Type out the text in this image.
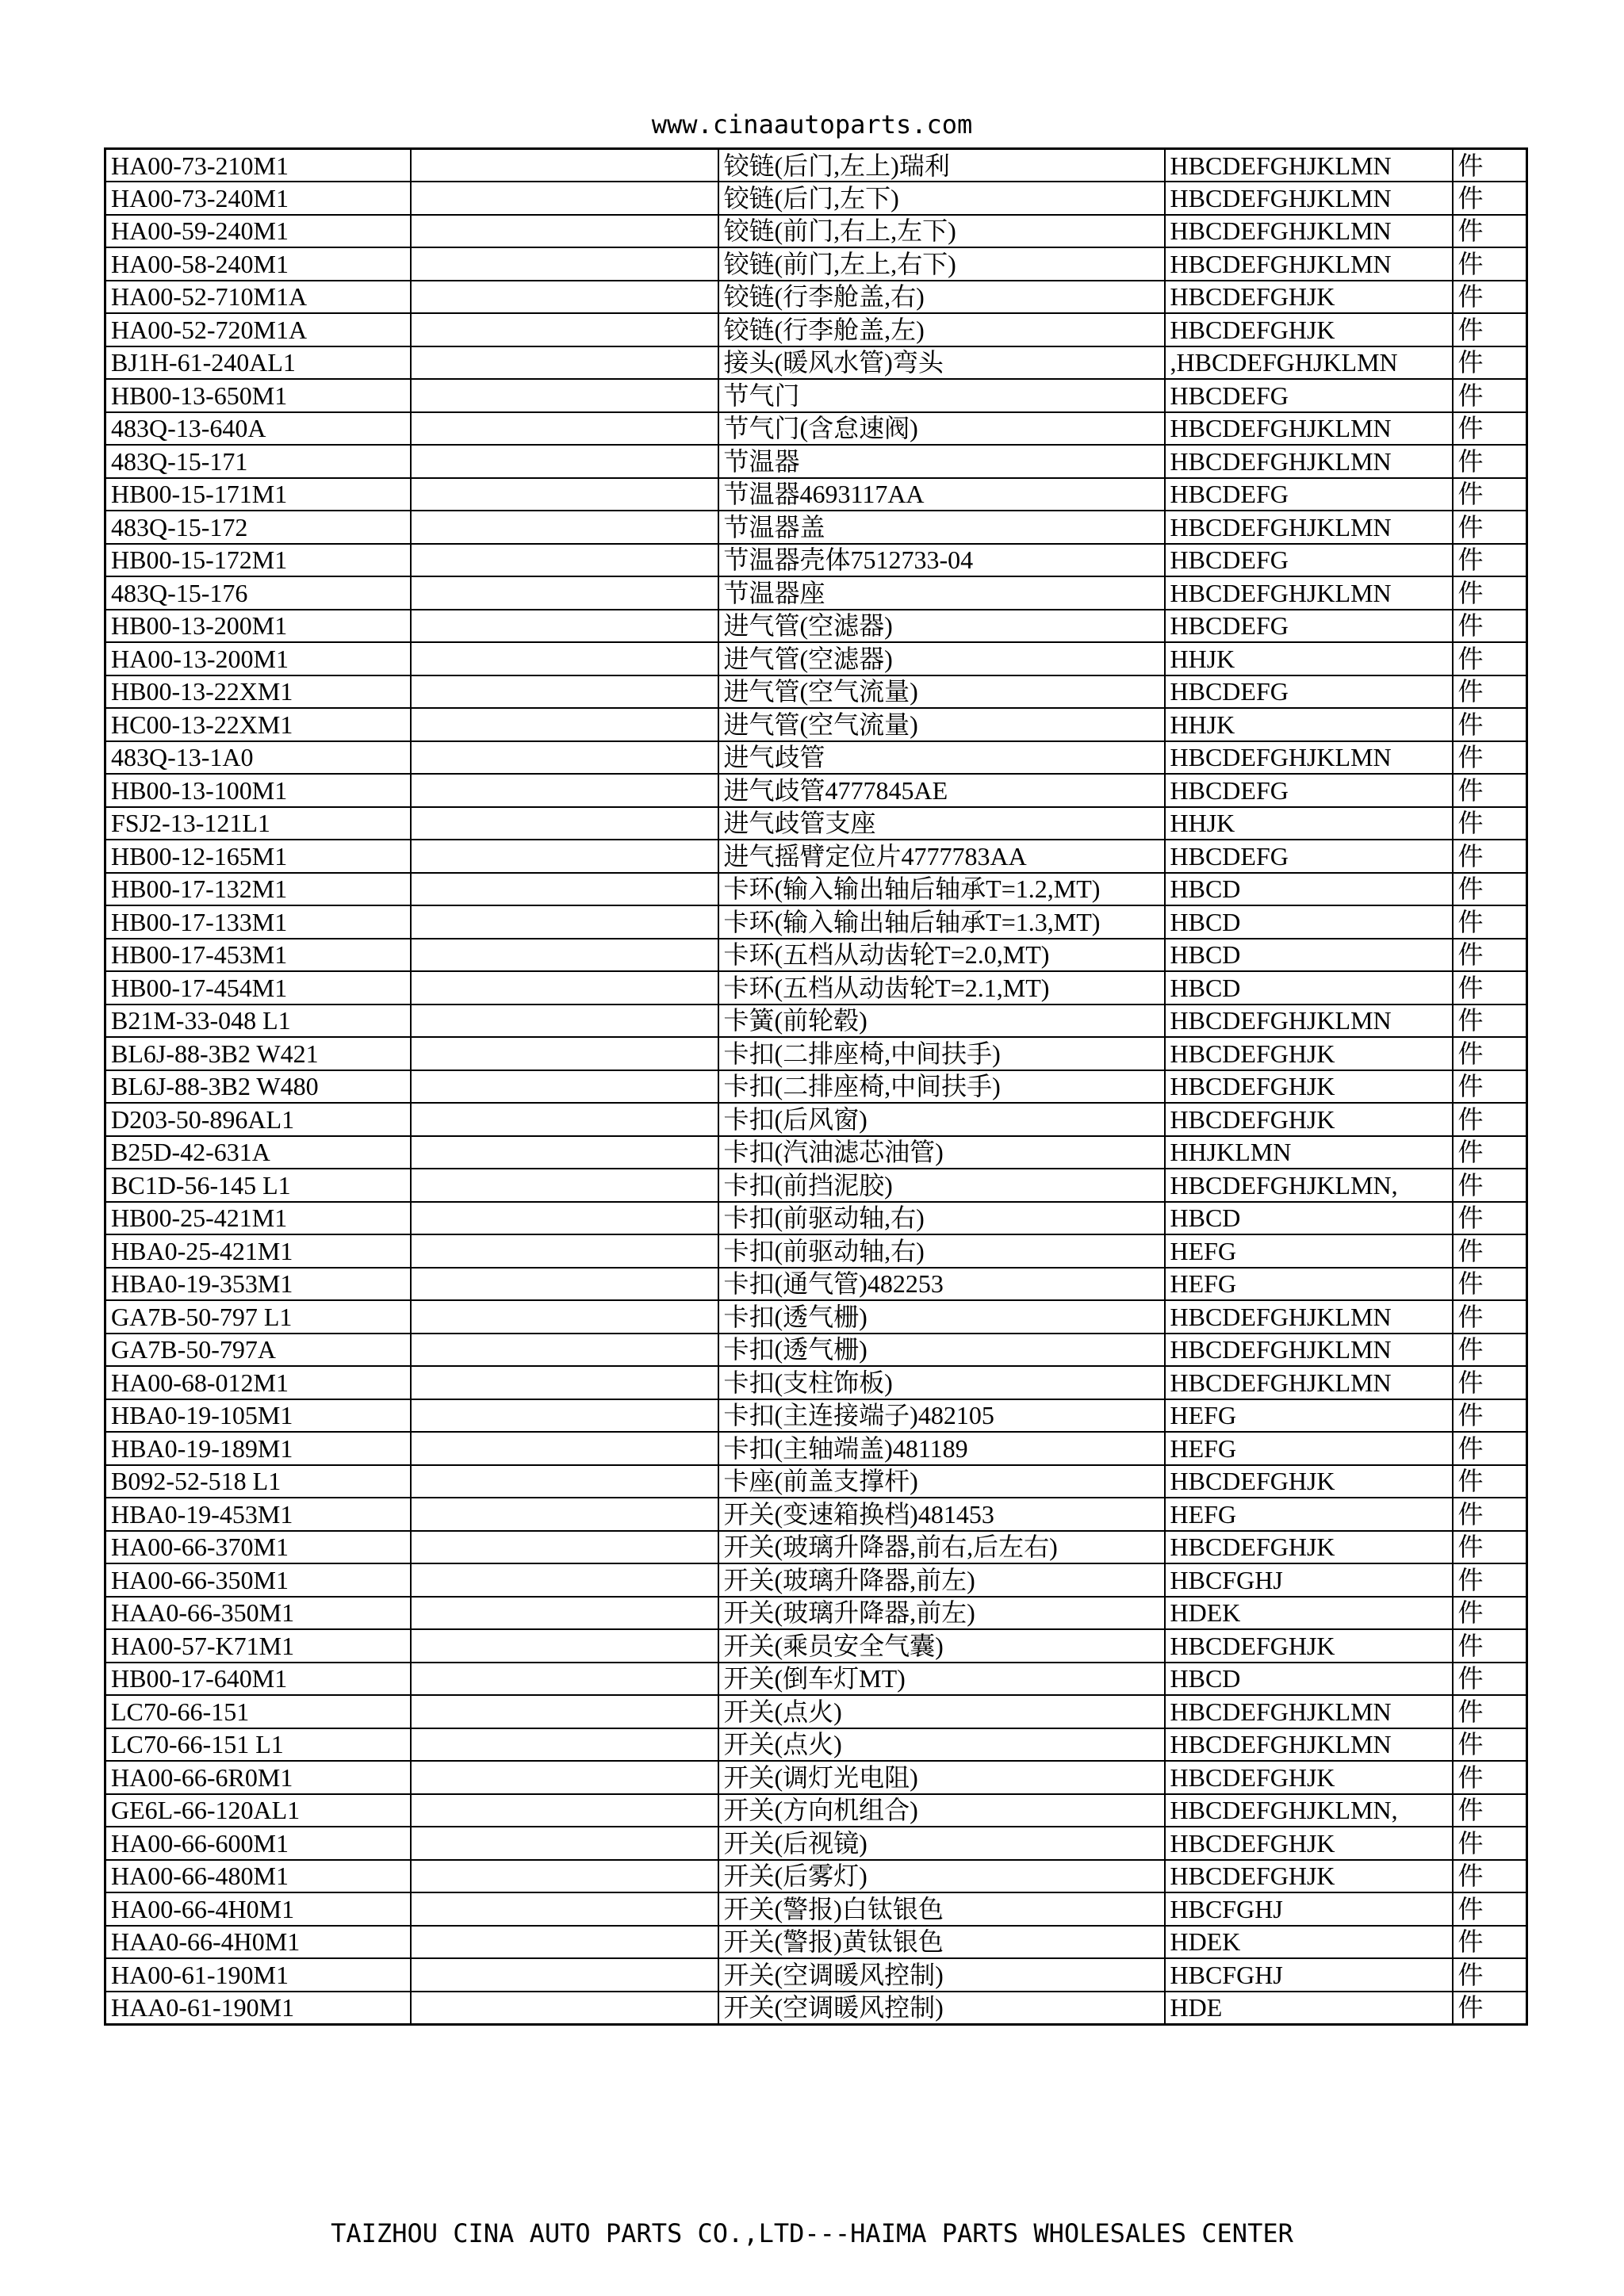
www.cinaautoparts.com
HA00-73-210M1		铰链(后门,左上)瑞利	HBCDEFGHJKLMN	件
HA00-73-240M1		铰链(后门,左下)	HBCDEFGHJKLMN	件
HA00-59-240M1		铰链(前门,右上,左下)	HBCDEFGHJKLMN	件
HA00-58-240M1		铰链(前门,左上,右下)	HBCDEFGHJKLMN	件
HA00-52-710M1A		铰链(行李舱盖,右)	HBCDEFGHJK	件
HA00-52-720M1A		铰链(行李舱盖,左)	HBCDEFGHJK	件
BJ1H-61-240AL1		接头(暖风水管)弯头	,HBCDEFGHJKLMN	件
HB00-13-650M1		节气门	HBCDEFG	件
483Q-13-640A		节气门(含怠速阀)	HBCDEFGHJKLMN	件
483Q-15-171		节温器	HBCDEFGHJKLMN	件
HB00-15-171M1		节温器4693117AA	HBCDEFG	件
483Q-15-172		节温器盖	HBCDEFGHJKLMN	件
HB00-15-172M1		节温器壳体7512733-04	HBCDEFG	件
483Q-15-176		节温器座	HBCDEFGHJKLMN	件
HB00-13-200M1		进气管(空滤器)	HBCDEFG	件
HA00-13-200M1		进气管(空滤器)	HHJK	件
HB00-13-22XM1		进气管(空气流量)	HBCDEFG	件
HC00-13-22XM1		进气管(空气流量)	HHJK	件
483Q-13-1A0		进气歧管	HBCDEFGHJKLMN	件
HB00-13-100M1		进气歧管4777845AE	HBCDEFG	件
FSJ2-13-121L1		进气歧管支座	HHJK	件
HB00-12-165M1		进气摇臂定位片4777783AA	HBCDEFG	件
HB00-17-132M1		卡环(输入输出轴后轴承T=1.2,MT)	HBCD	件
HB00-17-133M1		卡环(输入输出轴后轴承T=1.3,MT)	HBCD	件
HB00-17-453M1		卡环(五档从动齿轮T=2.0,MT)	HBCD	件
HB00-17-454M1		卡环(五档从动齿轮T=2.1,MT)	HBCD	件
B21M-33-048 L1		卡簧(前轮毂)	HBCDEFGHJKLMN	件
BL6J-88-3B2 W421		卡扣(二排座椅,中间扶手)	HBCDEFGHJK	件
BL6J-88-3B2 W480		卡扣(二排座椅,中间扶手)	HBCDEFGHJK	件
D203-50-896AL1		卡扣(后风窗)	HBCDEFGHJK	件
B25D-42-631A		卡扣(汽油滤芯油管)	HHJKLMN	件
BC1D-56-145 L1		卡扣(前挡泥胶)	HBCDEFGHJKLMN,	件
HB00-25-421M1		卡扣(前驱动轴,右)	HBCD	件
HBA0-25-421M1		卡扣(前驱动轴,右)	HEFG	件
HBA0-19-353M1		卡扣(通气管)482253	HEFG	件
GA7B-50-797 L1		卡扣(透气栅)	HBCDEFGHJKLMN	件
GA7B-50-797A		卡扣(透气栅)	HBCDEFGHJKLMN	件
HA00-68-012M1		卡扣(支柱饰板)	HBCDEFGHJKLMN	件
HBA0-19-105M1		卡扣(主连接端子)482105	HEFG	件
HBA0-19-189M1		卡扣(主轴端盖)481189	HEFG	件
B092-52-518 L1		卡座(前盖支撑杆)	HBCDEFGHJK	件
HBA0-19-453M1		开关(变速箱换档)481453	HEFG	件
HA00-66-370M1		开关(玻璃升降器,前右,后左右)	HBCDEFGHJK	件
HA00-66-350M1		开关(玻璃升降器,前左)	HBCFGHJ	件
HAA0-66-350M1		开关(玻璃升降器,前左)	HDEK	件
HA00-57-K71M1		开关(乘员安全气囊)	HBCDEFGHJK	件
HB00-17-640M1		开关(倒车灯MT)	HBCD	件
LC70-66-151		开关(点火)	HBCDEFGHJKLMN	件
LC70-66-151 L1		开关(点火)	HBCDEFGHJKLMN	件
HA00-66-6R0M1		开关(调灯光电阻)	HBCDEFGHJK	件
GE6L-66-120AL1		开关(方向机组合)	HBCDEFGHJKLMN,	件
HA00-66-600M1		开关(后视镜)	HBCDEFGHJK	件
HA00-66-480M1		开关(后雾灯)	HBCDEFGHJK	件
HA00-66-4H0M1		开关(警报)白钛银色	HBCFGHJ	件
HAA0-66-4H0M1		开关(警报)黄钛银色	HDEK	件
HA00-61-190M1		开关(空调暖风控制)	HBCFGHJ	件
HAA0-61-190M1		开关(空调暖风控制)	HDE	件
TAIZHOU CINA AUTO PARTS CO.,LTD---HAIMA PARTS WHOLESALES CENTER
